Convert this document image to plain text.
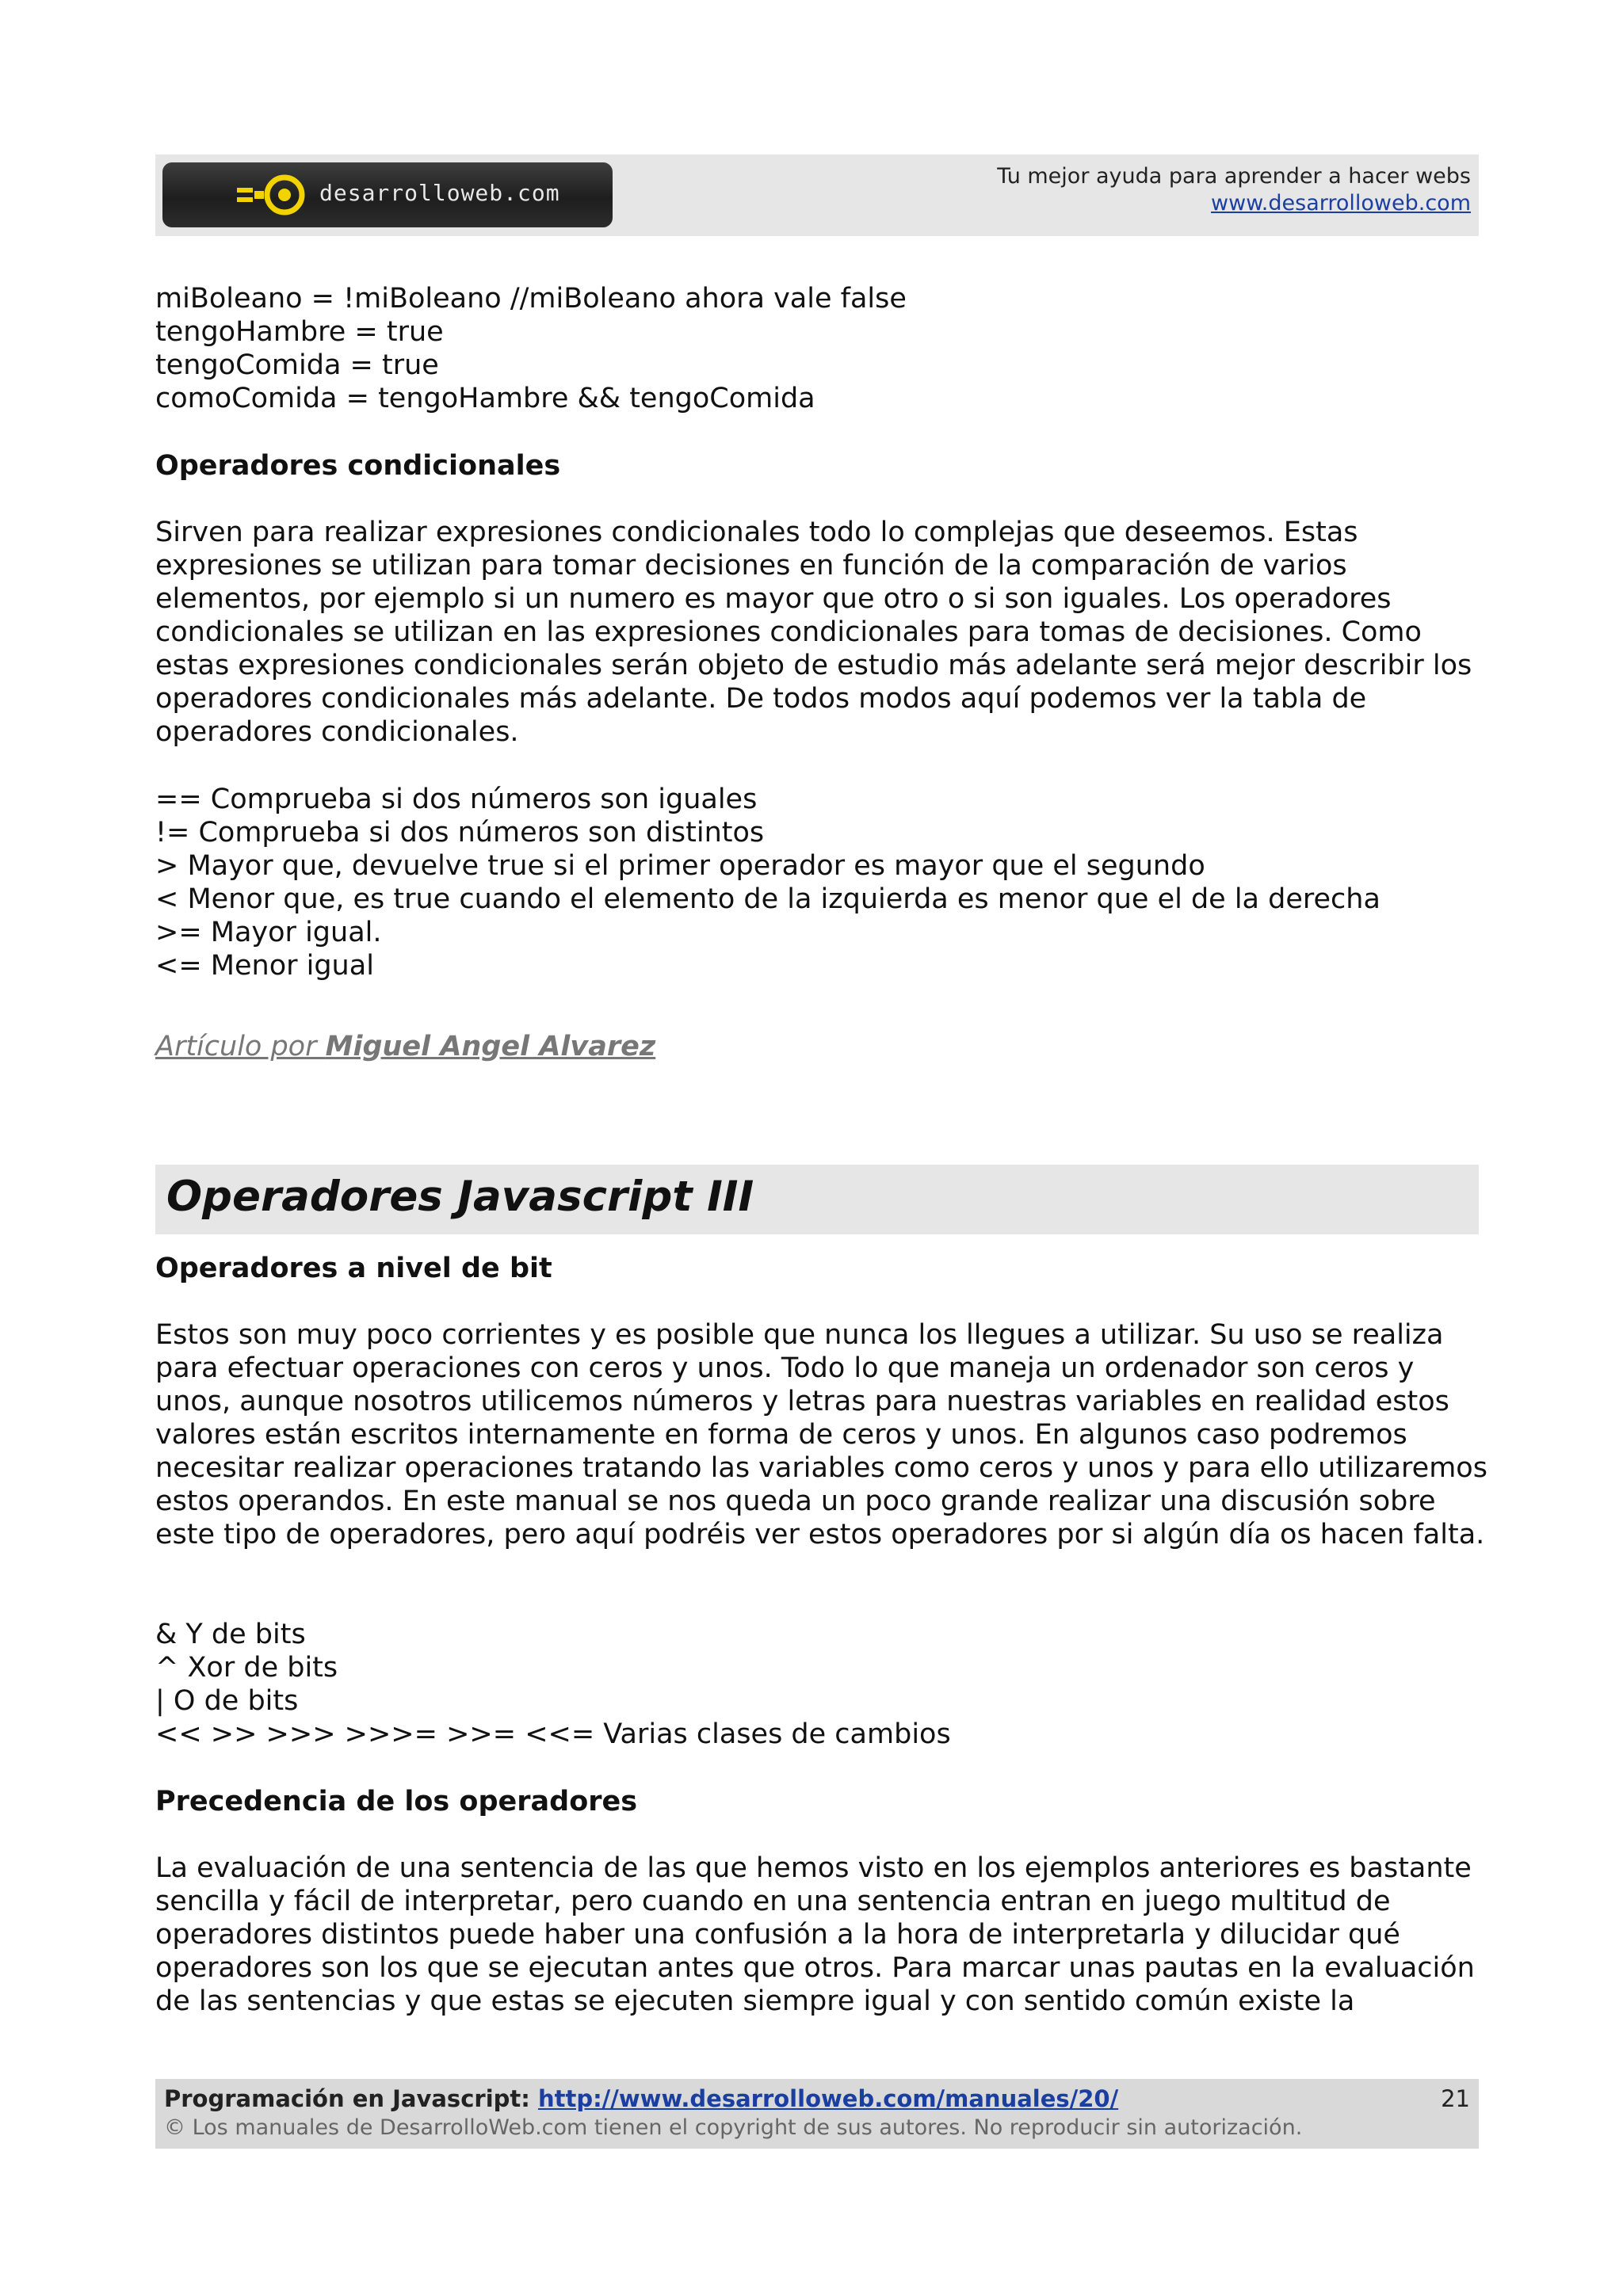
desarrolloweb.com
Tu mejor ayuda para aprender a hacer webs
www.desarrolloweb.com
miBoleano = !miBoleano //miBoleano ahora vale false
tengoHambre = true
tengoComida = true
comoComida = tengoHambre && tengoComida
Operadores condicionales
Sirven para realizar expresiones condicionales todo lo complejas que deseemos. Estas
expresiones se utilizan para tomar decisiones en función de la comparación de varios
elementos, por ejemplo si un numero es mayor que otro o si son iguales. Los operadores
condicionales se utilizan en las expresiones condicionales para tomas de decisiones. Como
estas expresiones condicionales serán objeto de estudio más adelante será mejor describir los
operadores condicionales más adelante. De todos modos aquí podemos ver la tabla de
operadores condicionales.
== Comprueba si dos números son iguales
!= Comprueba si dos números son distintos
> Mayor que, devuelve true si el primer operador es mayor que el segundo
< Menor que, es true cuando el elemento de la izquierda es menor que el de la derecha
>= Mayor igual.
<= Menor igual
Artículo por Miguel Angel Alvarez
Operadores Javascript III
Operadores a nivel de bit
Estos son muy poco corrientes y es posible que nunca los llegues a utilizar. Su uso se realiza
para efectuar operaciones con ceros y unos. Todo lo que maneja un ordenador son ceros y
unos, aunque nosotros utilicemos números y letras para nuestras variables en realidad estos
valores están escritos internamente en forma de ceros y unos. En algunos caso podremos
necesitar realizar operaciones tratando las variables como ceros y unos y para ello utilizaremos
estos operandos. En este manual se nos queda un poco grande realizar una discusión sobre
este tipo de operadores, pero aquí podréis ver estos operadores por si algún día os hacen falta.
& Y de bits
^ Xor de bits
| O de bits
<< >> >>> >>>= >>= <<= Varias clases de cambios
Precedencia de los operadores
La evaluación de una sentencia de las que hemos visto en los ejemplos anteriores es bastante
sencilla y fácil de interpretar, pero cuando en una sentencia entran en juego multitud de
operadores distintos puede haber una confusión a la hora de interpretarla y dilucidar qué
operadores son los que se ejecutan antes que otros. Para marcar unas pautas en la evaluación
de las sentencias y que estas se ejecuten siempre igual y con sentido común existe la
Programación en Javascript: http://www.desarrolloweb.com/manuales/20/
© Los manuales de DesarrolloWeb.com tienen el copyright de sus autores. No reproducir sin autorización.
21
